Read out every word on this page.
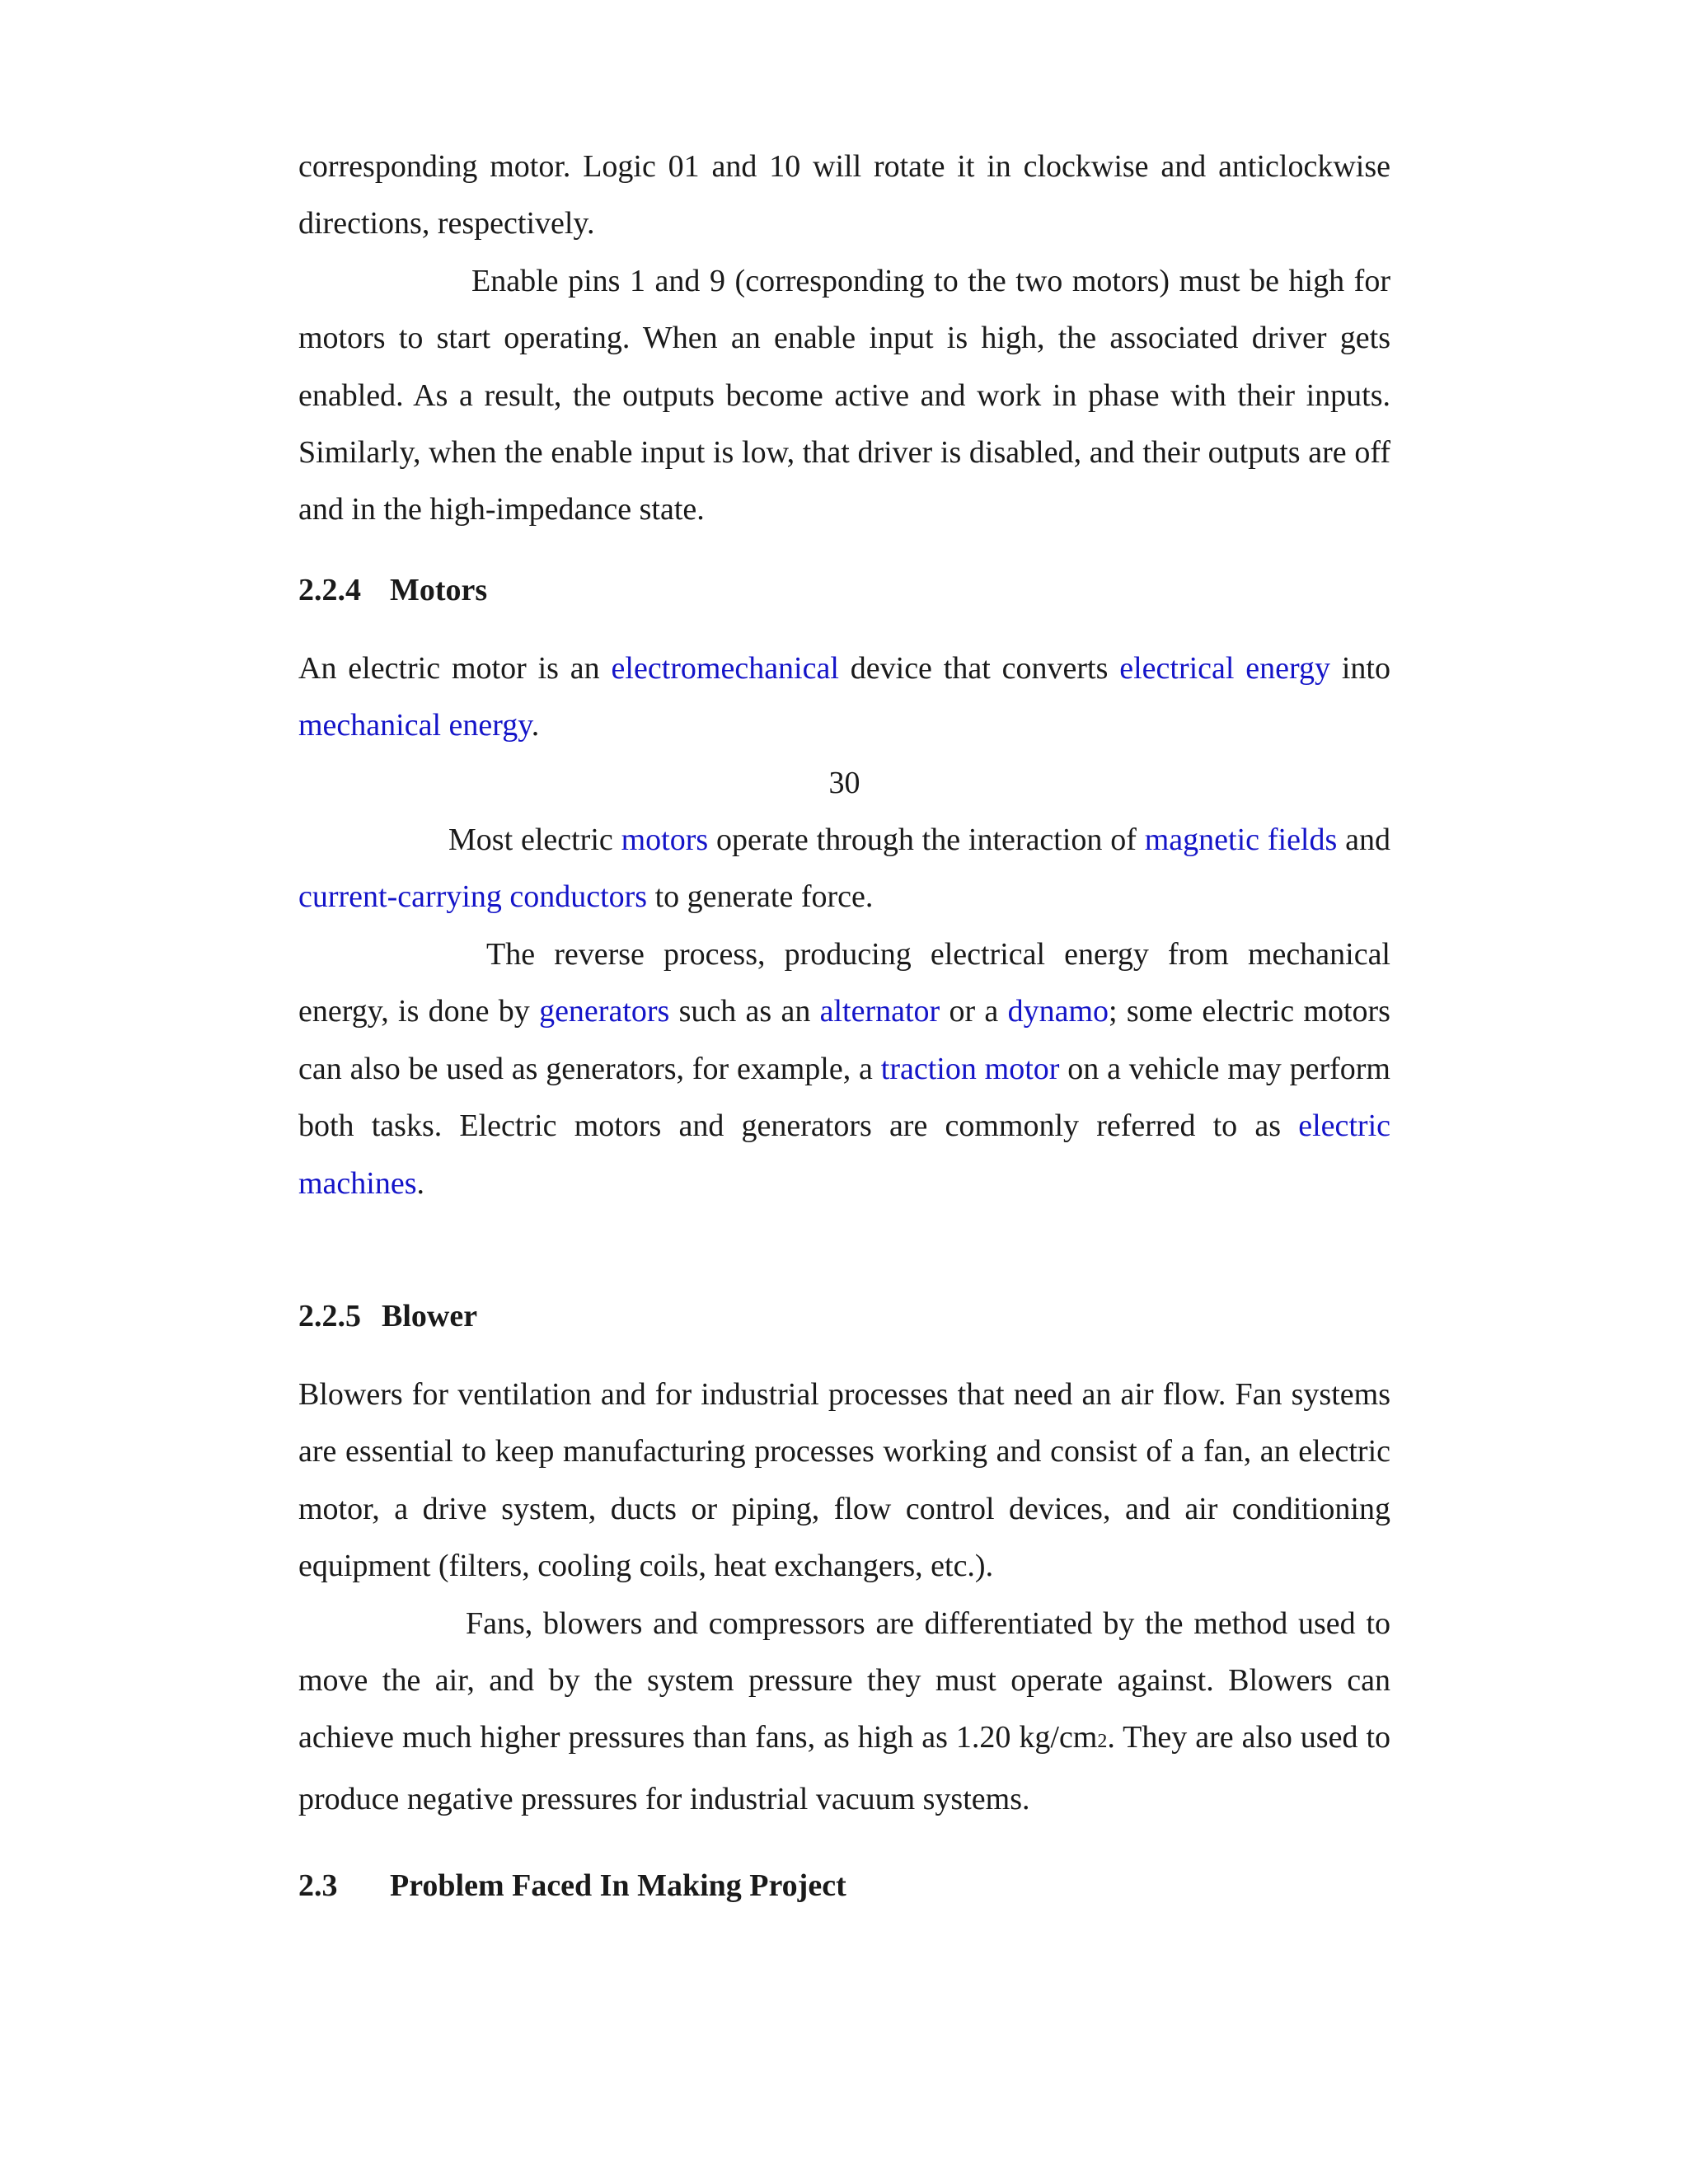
corresponding motor. Logic 01 and 10 will rotate it in clockwise and anticlockwise directions, respectively.

Enable pins 1 and 9 (corresponding to the two motors) must be high for motors to start operating. When an enable input is high, the associated driver gets enabled. As a result, the outputs become active and work in phase with their inputs. Similarly, when the enable input is low, that driver is disabled, and their outputs are off and in the high-impedance state.

2.2.4 Motors

An electric motor is an electromechanical device that converts electrical energy into mechanical energy.

30

Most electric motors operate through the interaction of magnetic fields and current-carrying conductors to generate force.

The reverse process, producing electrical energy from mechanical energy, is done by generators such as an alternator or a dynamo; some electric motors can also be used as generators, for example, a traction motor on a vehicle may perform both tasks. Electric motors and generators are commonly referred to as electric machines.

2.2.5 Blower

Blowers for ventilation and for industrial processes that need an air flow. Fan systems are essential to keep manufacturing processes working and consist of a fan, an electric motor, a drive system, ducts or piping, flow control devices, and air conditioning equipment (filters, cooling coils, heat exchangers, etc.).

Fans, blowers and compressors are differentiated by the method used to move the air, and by the system pressure they must operate against. Blowers can achieve much higher pressures than fans, as high as 1.20 kg/cm2. They are also used to produce negative pressures for industrial vacuum systems.

2.3 Problem Faced In Making Project
